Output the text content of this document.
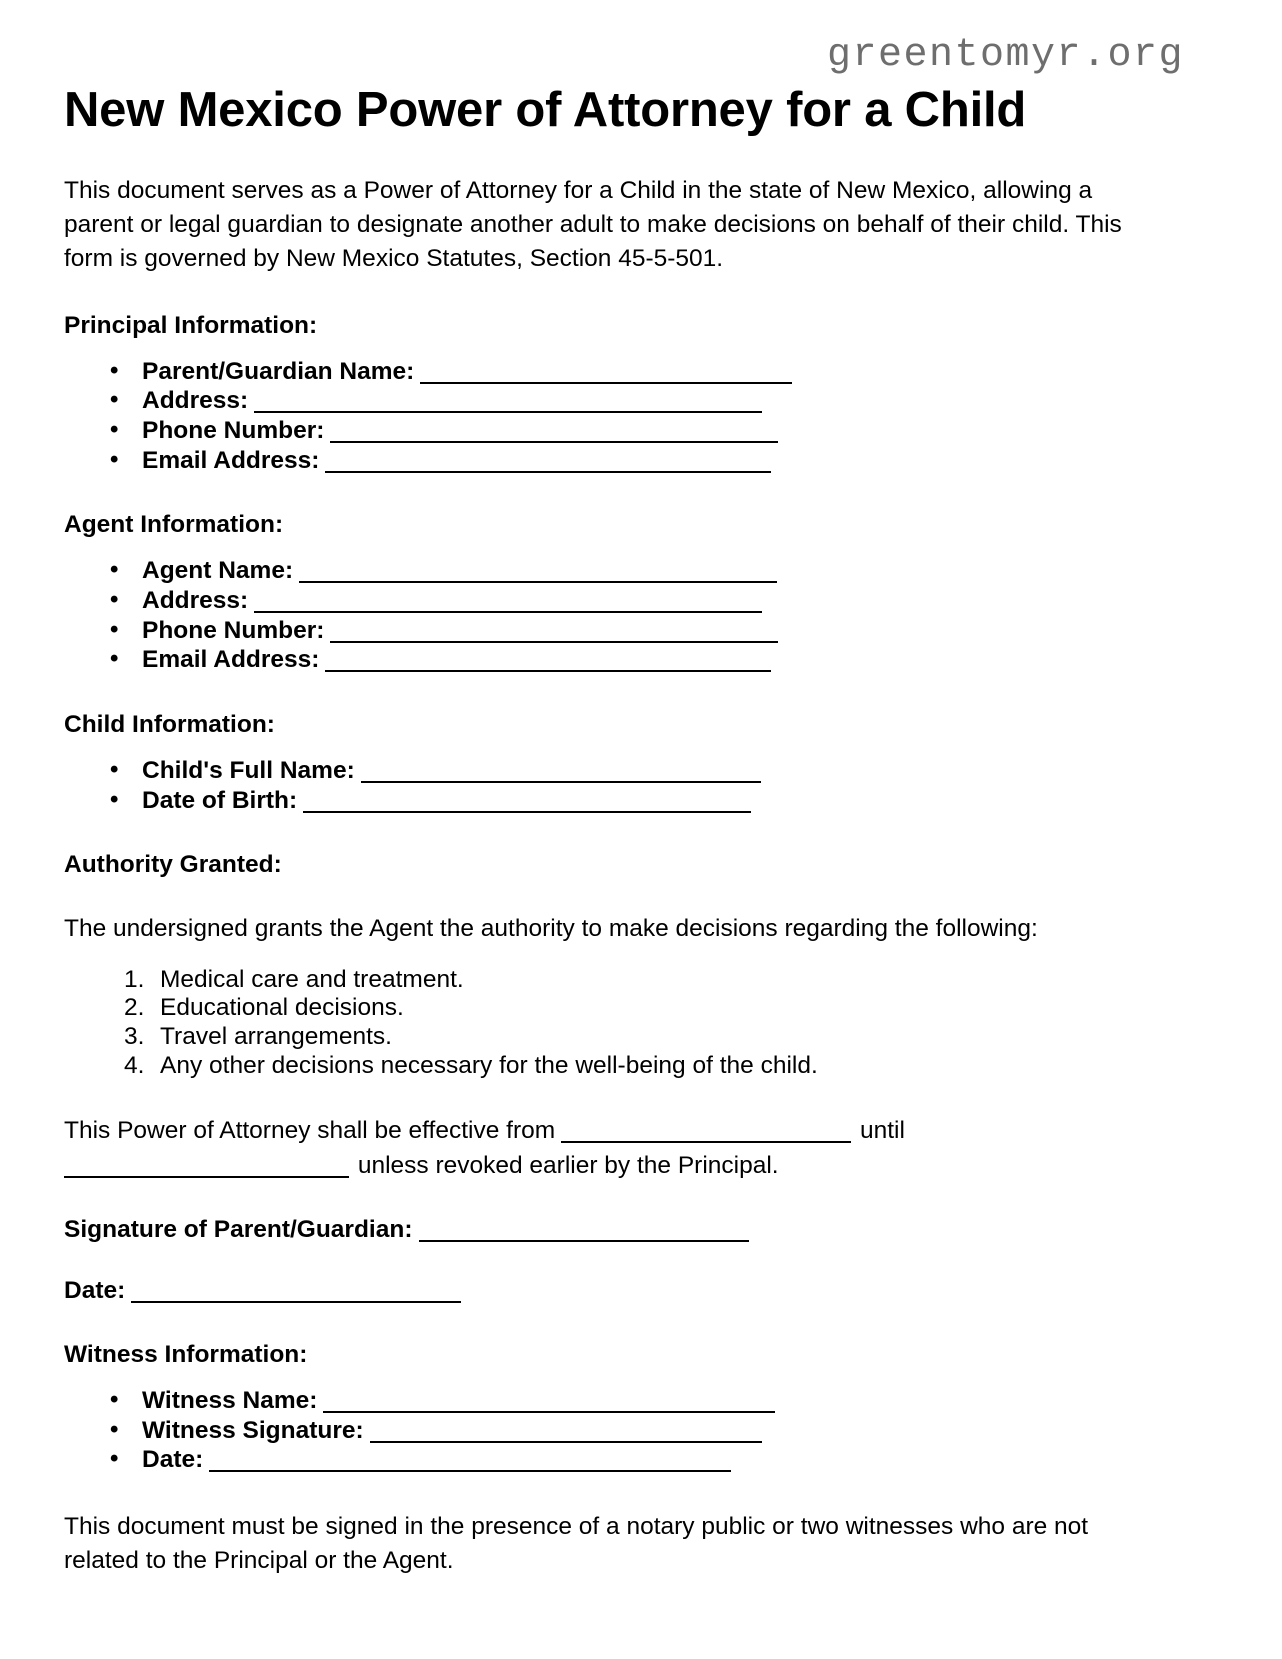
greentomyr.org
New Mexico Power of Attorney for a Child

This document serves as a Power of Attorney for a Child in the state of New Mexico, allowing a parent or legal guardian to designate another adult to make decisions on behalf of their child. This form is governed by New Mexico Statutes, Section 45-5-501.

Principal Information:
• Parent/Guardian Name:
• Address:
• Phone Number:
• Email Address:
Agent Information:
• Agent Name:
• Address:
• Phone Number:
• Email Address:
Child Information:
• Child's Full Name:
• Date of Birth:
Authority Granted:

The undersigned grants the Agent the authority to make decisions regarding the following:

Medical care and treatment.
Educational decisions.
Travel arrangements.
Any other decisions necessary for the well-being of the child.

This Power of Attorney shall be effective from	until  unless revoked earlier by the Principal.

Signature of Parent/Guardian:

Date:

Witness Information:
• Witness Name:
• Witness Signature:
• Date:

This document must be signed in the presence of a notary public or two witnesses who are not related to the Principal or the Agent.
